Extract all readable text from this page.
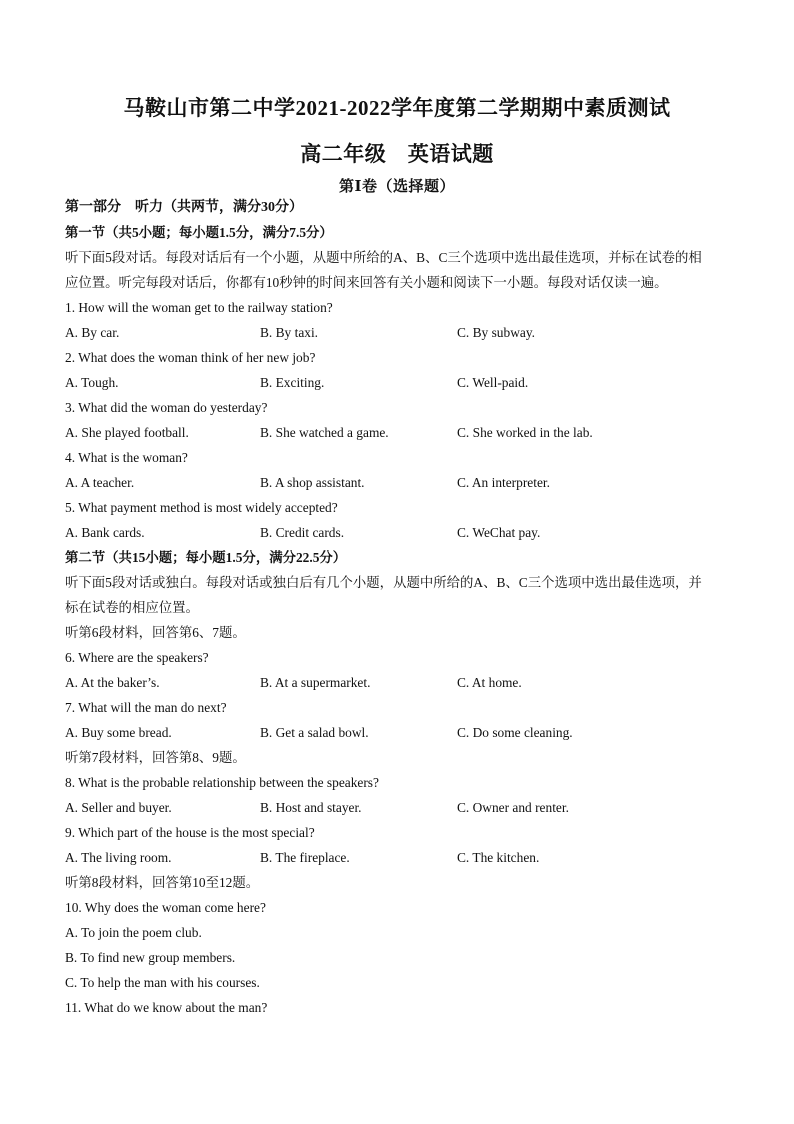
马鞍山市第二中学2021-2022学年度第二学期期中素质测试
高二年级　英语试题
第Ⅰ卷（选择题）
第一部分　听力（共两节，满分30分）
第一节（共5小题；每小题1.5分，满分7.5分）
听下面5段对话。每段对话后有一个小题，从题中所给的A、B、C三个选项中选出最佳选项，并标在试卷的相
应位置。听完每段对话后，你都有10秒钟的时间来回答有关小题和阅读下一小题。每段对话仅读一遍。
1. How will the woman get to the railway station?
A. By car.	B. By taxi.	C. By subway.
2. What does the woman think of her new job?
A. Tough.	B. Exciting.	C. Well-paid.
3. What did the woman do yesterday?
A. She played football.	B. She watched a game.	C. She worked in the lab.
4. What is the woman?
A. A teacher.	B. A shop assistant.	C. An interpreter.
5. What payment method is most widely accepted?
A. Bank cards.	B. Credit cards.	C. WeChat pay.
第二节（共15小题；每小题1.5分，满分22.5分）
听下面5段对话或独白。每段对话或独白后有几个小题，从题中所给的A、B、C三个选项中选出最佳选项，并
标在试卷的相应位置。
听第6段材料，回答第6、7题。
6. Where are the speakers?
A. At the baker’s.	B. At a supermarket.	C. At home.
7. What will the man do next?
A. Buy some bread.	B. Get a salad bowl.	C. Do some cleaning.
听第7段材料，回答第8、9题。
8. What is the probable relationship between the speakers?
A. Seller and buyer.	B. Host and stayer.	C. Owner and renter.
9. Which part of the house is the most special?
A. The living room.	B. The fireplace.	C. The kitchen.
听第8段材料，回答第10至12题。
10. Why does the woman come here?
A. To join the poem club.
B. To find new group members.
C. To help the man with his courses.
11. What do we know about the man?
